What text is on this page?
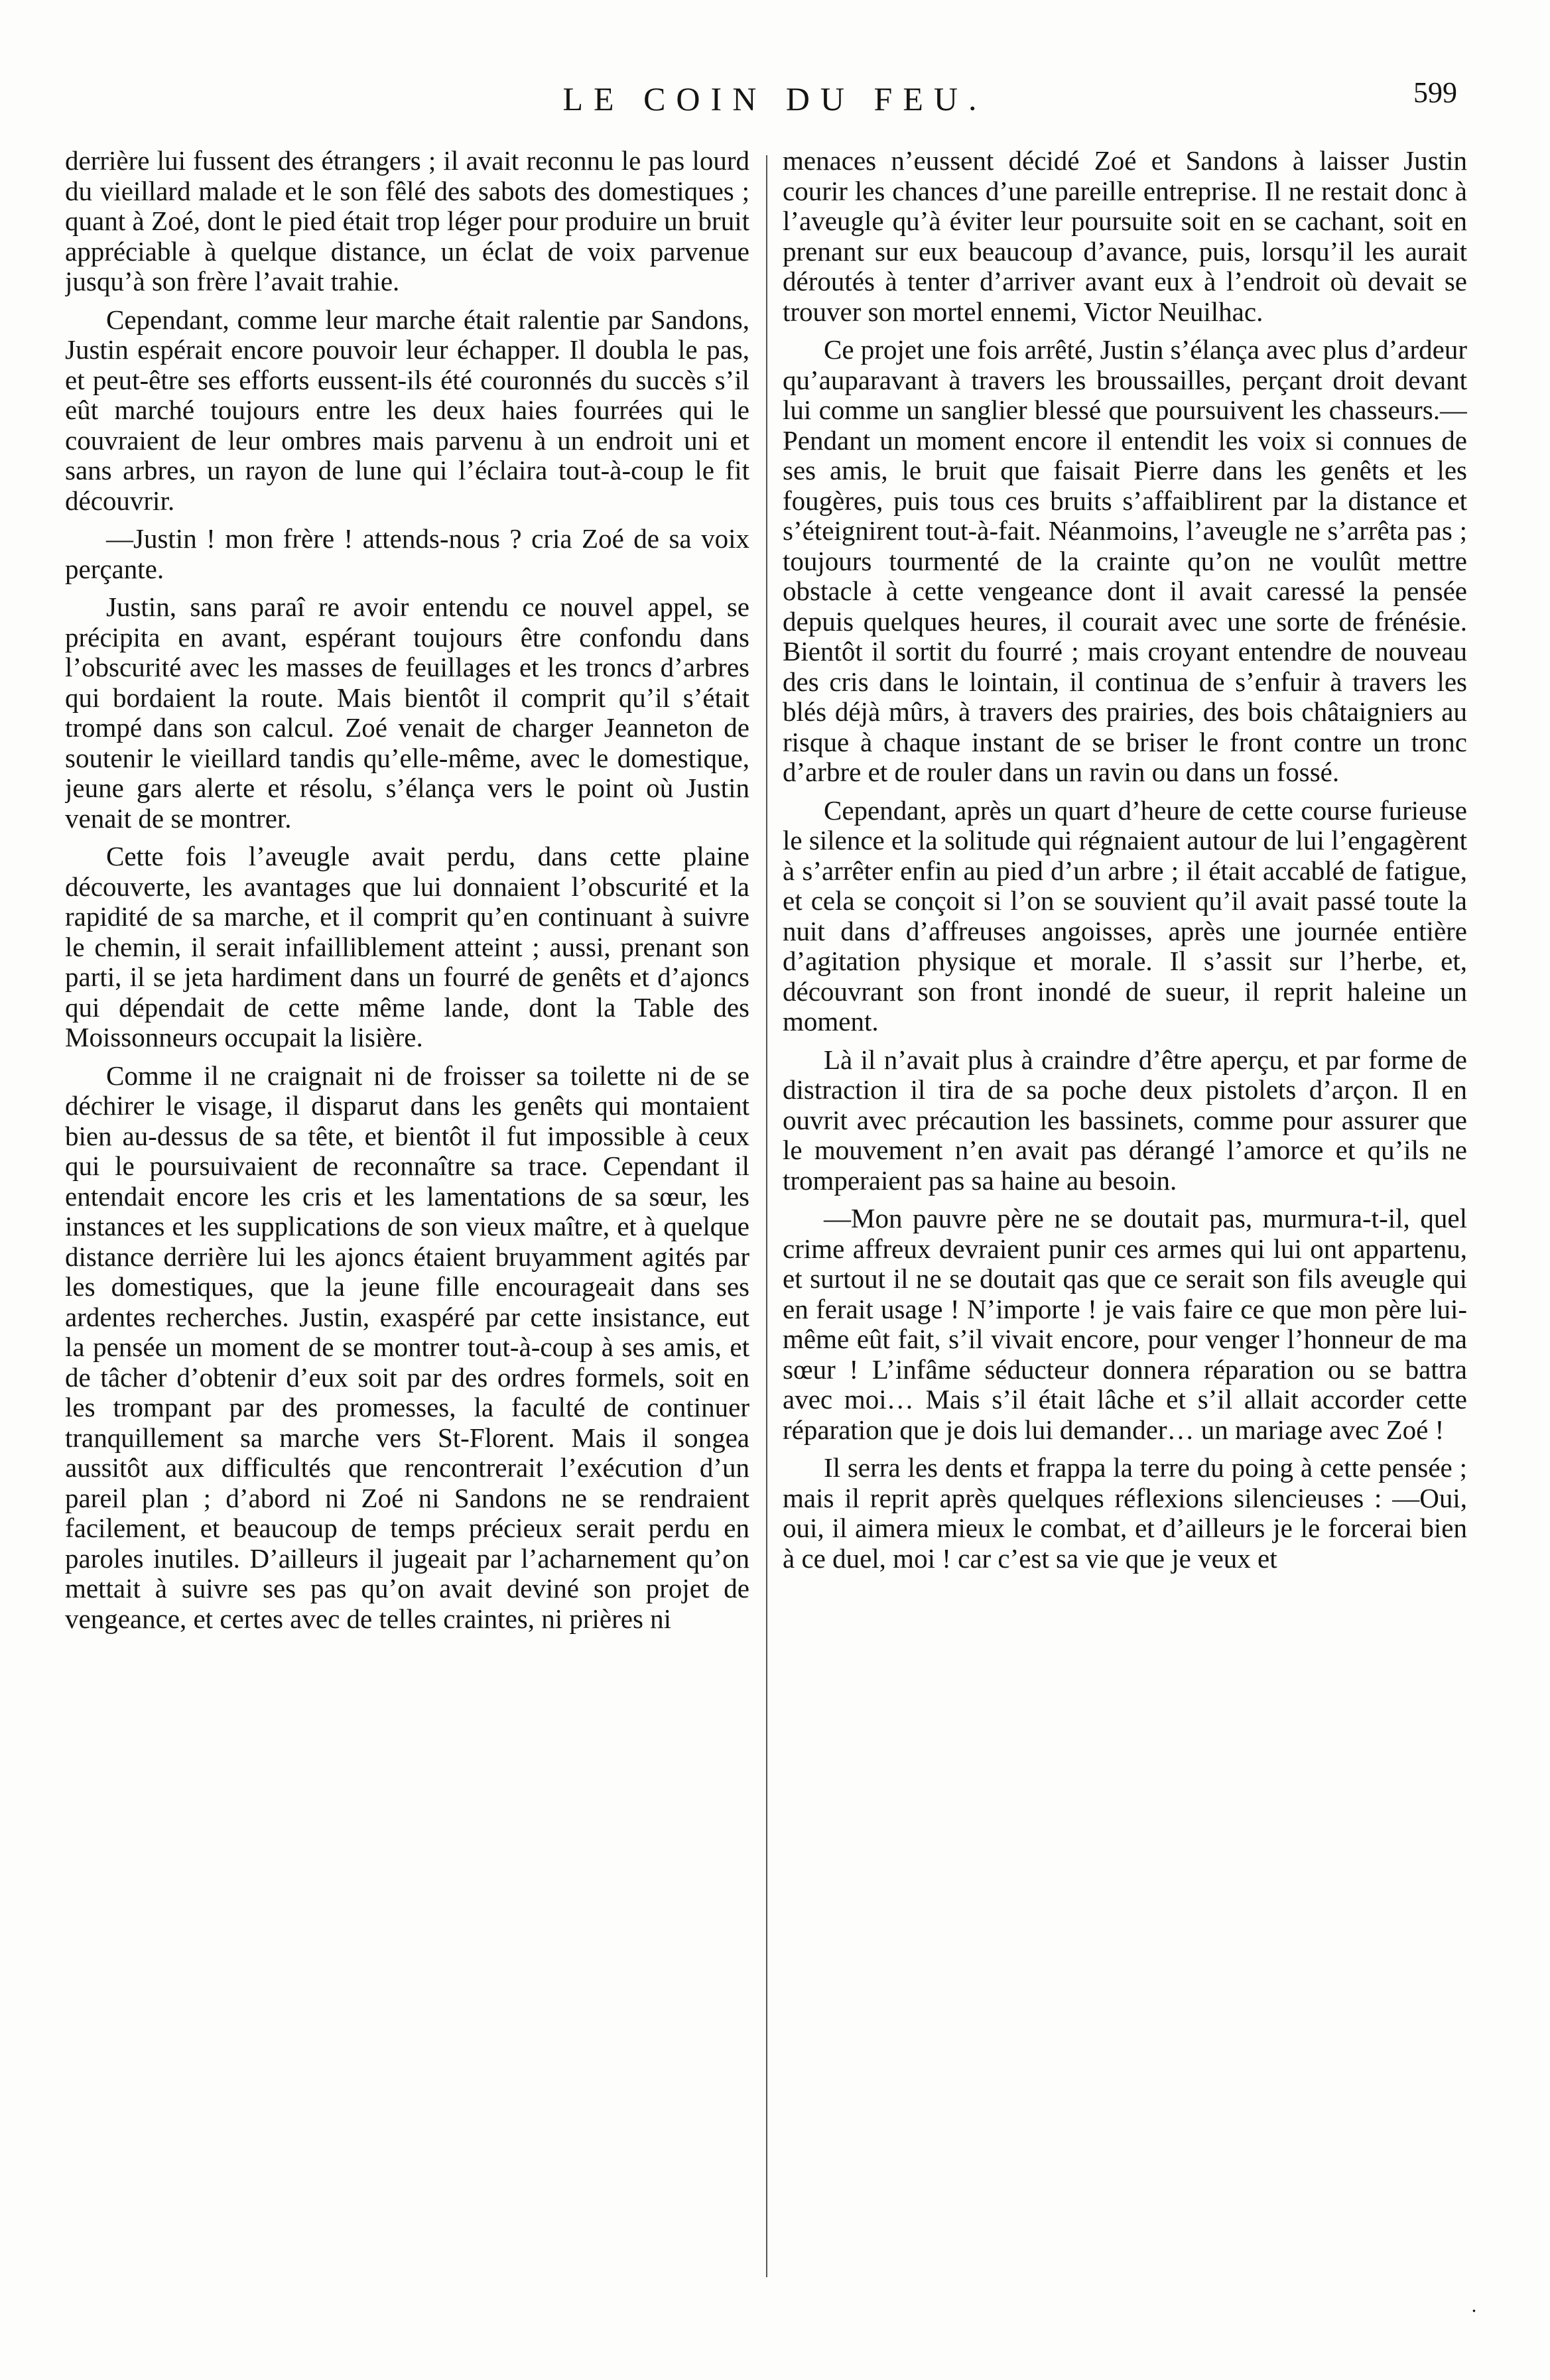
LE COIN DU FEU.	599

derrière lui fussent des étrangers ; il avait reconnu le pas lourd du vieillard malade et le son fêlé des sabots des domestiques ; quant à Zoé, dont le pied était trop léger pour produire un bruit appréciable à quelque distance, un éclat de voix parvenue jusqu’à son frère l’avait trahie.

Cependant, comme leur marche était ralentie par Sandons, Justin espérait encore pouvoir leur échapper. Il doubla le pas, et peut-être ses efforts eussent-ils été couronnés du succès s’il eût marché toujours entre les deux haies fourrées qui le couvraient de leur ombres mais parvenu à un endroit uni et sans arbres, un rayon de lune qui l’éclaira tout-à-coup le fit découvrir.

—Justin ! mon frère ! attends-nous ? cria Zoé de sa voix perçante.

Justin, sans paraî re avoir entendu ce nouvel appel, se précipita en avant, espérant toujours être confondu dans l’obscurité avec les masses de feuillages et les troncs d’arbres qui bordaient la route. Mais bientôt il comprit qu’il s’était trompé dans son calcul. Zoé venait de charger Jeanneton de soutenir le vieillard tandis qu’elle-même, avec le domestique, jeune gars alerte et résolu, s’élança vers le point où Justin venait de se montrer.

Cette fois l’aveugle avait perdu, dans cette plaine découverte, les avantages que lui donnaient l’obscurité et la rapidité de sa marche, et il comprit qu’en continuant à suivre le chemin, il serait infailliblement atteint ; aussi, prenant son parti, il se jeta hardiment dans un fourré de genêts et d’ajoncs qui dépendait de cette même lande, dont la Table des Moissonneurs occupait la lisière.

Comme il ne craignait ni de froisser sa toilette ni de se déchirer le visage, il disparut dans les genêts qui montaient bien au-dessus de sa tête, et bientôt il fut impossible à ceux qui le poursuivaient de reconnaître sa trace. Cependant il entendait encore les cris et les lamentations de sa sœur, les instances et les supplications de son vieux maître, et à quelque distance derrière lui les ajoncs étaient bruyamment agités par les domestiques, que la jeune fille encourageait dans ses ardentes recherches. Justin, exaspéré par cette insistance, eut la pensée un moment de se montrer tout-à-coup à ses amis, et de tâcher d’obtenir d’eux soit par des ordres formels, soit en les trompant par des promesses, la faculté de continuer tranquillement sa marche vers St-Florent. Mais il songea aussitôt aux difficultés que rencontrerait l’exécution d’un pareil plan ; d’abord ni Zoé ni Sandons ne se rendraient facilement, et beaucoup de temps précieux serait perdu en paroles inutiles. D’ailleurs il jugeait par l’acharnement qu’on mettait à suivre ses pas qu’on avait deviné son projet de vengeance, et certes avec de telles craintes, ni prières ni

menaces n’eussent décidé Zoé et Sandons à laisser Justin courir les chances d’une pareille entreprise. Il ne restait donc à l’aveugle qu’à éviter leur poursuite soit en se cachant, soit en prenant sur eux beaucoup d’avance, puis, lorsqu’il les aurait déroutés à tenter d’arriver avant eux à l’endroit où devait se trouver son mortel ennemi, Victor Neuilhac.

Ce projet une fois arrêté, Justin s’élança avec plus d’ardeur qu’auparavant à travers les broussailles, perçant droit devant lui comme un sanglier blessé que poursuivent les chasseurs.—Pendant un moment encore il entendit les voix si connues de ses amis, le bruit que faisait Pierre dans les genêts et les fougères, puis tous ces bruits s’affaiblirent par la distance et s’éteignirent tout-à-fait. Néanmoins, l’aveugle ne s’arrêta pas ; toujours tourmenté de la crainte qu’on ne voulût mettre obstacle à cette vengeance dont il avait caressé la pensée depuis quelques heures, il courait avec une sorte de frénésie. Bientôt il sortit du fourré ; mais croyant entendre de nouveau des cris dans le lointain, il continua de s’enfuir à travers les blés déjà mûrs, à travers des prairies, des bois châtaigniers au risque à chaque instant de se briser le front contre un tronc d’arbre et de rouler dans un ravin ou dans un fossé.

Cependant, après un quart d’heure de cette course furieuse le silence et la solitude qui régnaient autour de lui l’engagèrent à s’arrêter enfin au pied d’un arbre ; il était accablé de fatigue, et cela se conçoit si l’on se souvient qu’il avait passé toute la nuit dans d’affreuses angoisses, après une journée entière d’agitation physique et morale. Il s’assit sur l’herbe, et, découvrant son front inondé de sueur, il reprit haleine un moment.

Là il n’avait plus à craindre d’être aperçu, et par forme de distraction il tira de sa poche deux pistolets d’arçon. Il en ouvrit avec précaution les bassinets, comme pour assurer que le mouvement n’en avait pas dérangé l’amorce et qu’ils ne tromperaient pas sa haine au besoin.

—Mon pauvre père ne se doutait pas, murmura-t-il, quel crime affreux devraient punir ces armes qui lui ont appartenu, et surtout il ne se doutait qas que ce serait son fils aveugle qui en ferait usage ! N’importe ! je vais faire ce que mon père lui-même eût fait, s’il vivait encore, pour venger l’honneur de ma sœur ! L’infâme séducteur donnera réparation ou se battra avec moi… Mais s’il était lâche et s’il allait accorder cette réparation que je dois lui demander… un mariage avec Zoé !

Il serra les dents et frappa la terre du poing à cette pensée ; mais il reprit après quelques réflexions silencieuses : —Oui, oui, il aimera mieux le combat, et d’ailleurs je le forcerai bien à ce duel, moi ! car c’est sa vie que je veux et

.
